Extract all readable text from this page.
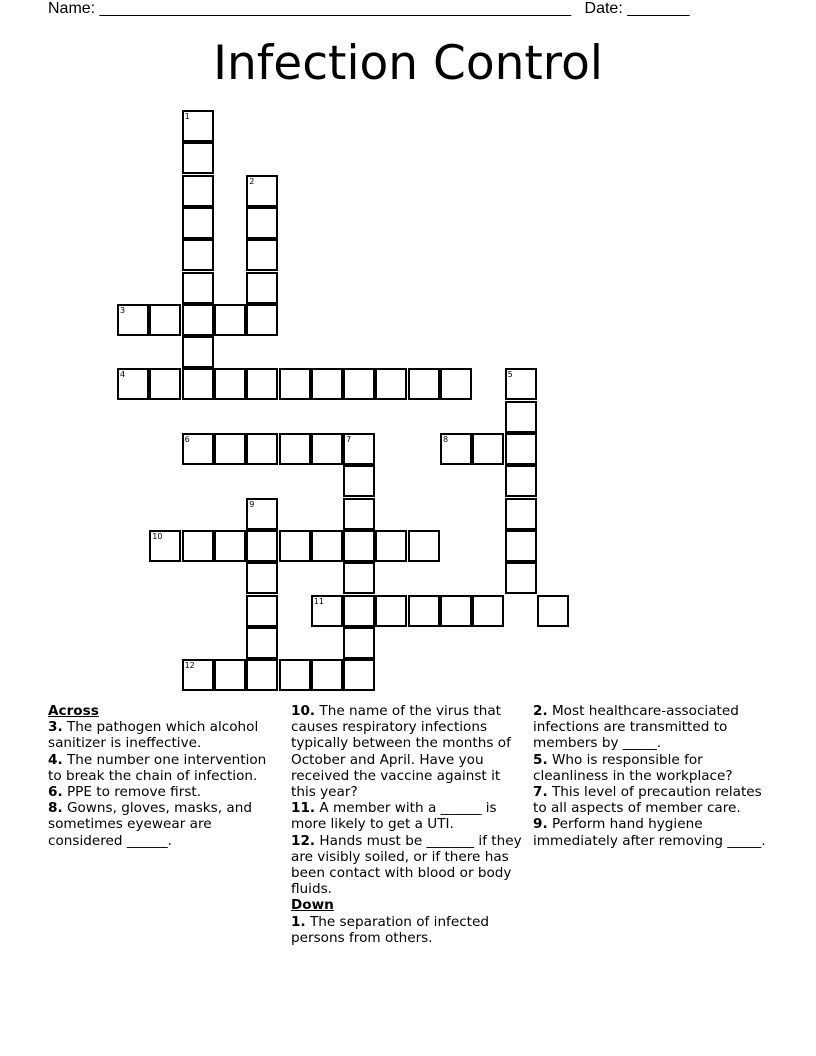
Name: _____________________________________________________ Date: _______
Infection Control
1
2
3
4	5
6	7	8
9
10
11
12
Across

3. The pathogen which alcohol sanitizer is ineffective.

4. The number one intervention to break the chain of infection.

6. PPE to remove first.

8. Gowns, gloves, masks, and sometimes eyewear are considered ______.

10. The name of the virus that causes respiratory infections typically between the months of October and April. Have you received the vaccine against it this year?

11. A member with a ______ is more likely to get a UTI.

12. Hands must be _______ if they are visibly soiled, or if there has been contact with blood or body fluids.

Down

1. The separation of infected persons from others.

2. Most healthcare-associated infections are transmitted to members by _____.

5. Who is responsible for cleanliness in the workplace?

7. This level of precaution relates to all aspects of member care.

9. Perform hand hygiene immediately after removing _____.
